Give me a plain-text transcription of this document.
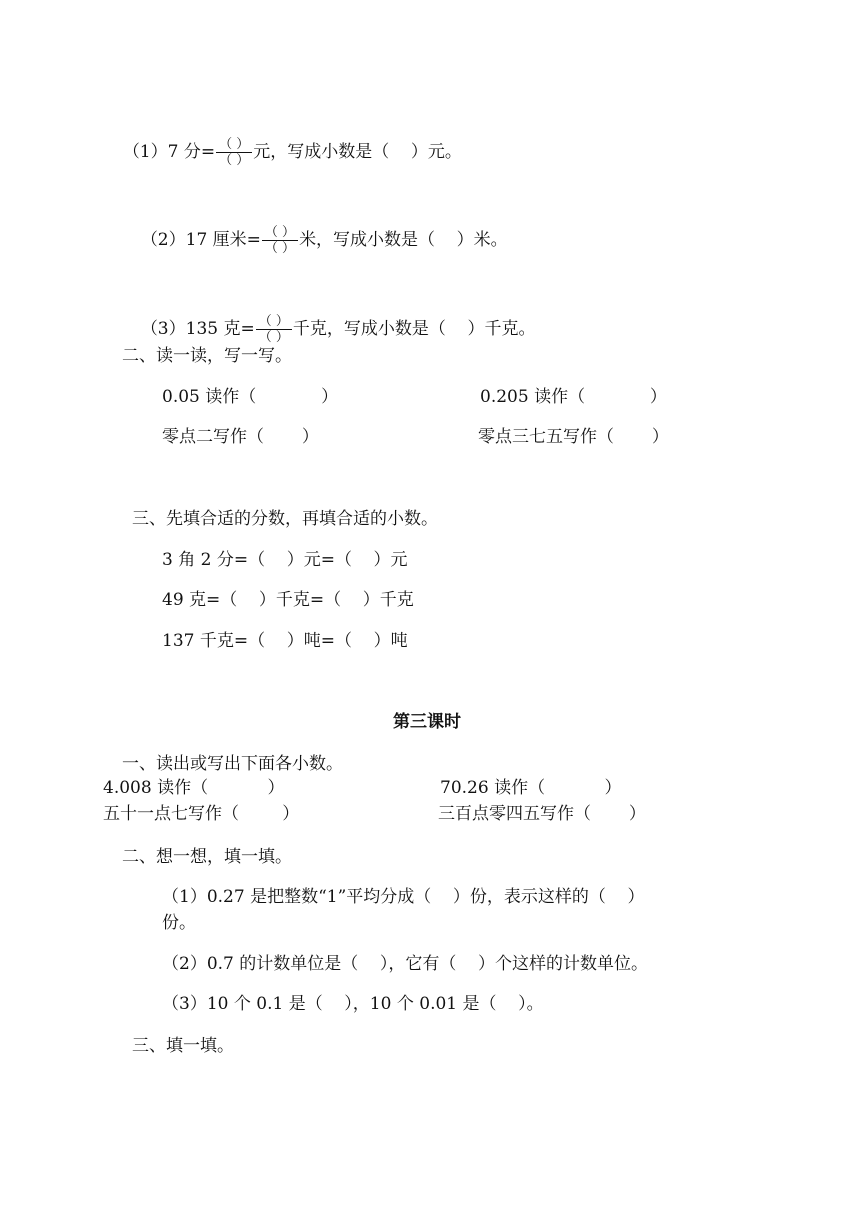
（1）7 分= $\frac{( )}{( )}$ 元，写成小数是（    ）元。

（2）17 厘米= $\frac{( )}{( )}$ 米，写成小数是（    ）米。

（3）135 克= $\frac{( )}{( )}$ 千克，写成小数是（    ）千克。

二、读一读，写一写。
0.05 读作（            ）	0.205 读作（            ）
零点二写作（       ）	零点三七五写作（       ）
三、先填合适的分数，再填合适的小数。
3 角 2 分=（    ）元=（    ）元
49 克=（    ）千克=（    ）千克
137 千克=（    ）吨=（    ）吨
第三课时
一、读出或写出下面各小数。
4.008 读作（           ）	70.26 读作（           ）
五十一点七写作（        ）	三百点零四五写作（       ）
二、想一想，填一填。
（1）0.27 是把整数“1”平均分成（    ）份，表示这样的（    ）
份。
（2）0.7 的计数单位是（    ），它有（    ）个这样的计数单位。
（3）10 个 0.1 是（    ），10 个 0.01 是（    ）。
三、填一填。
